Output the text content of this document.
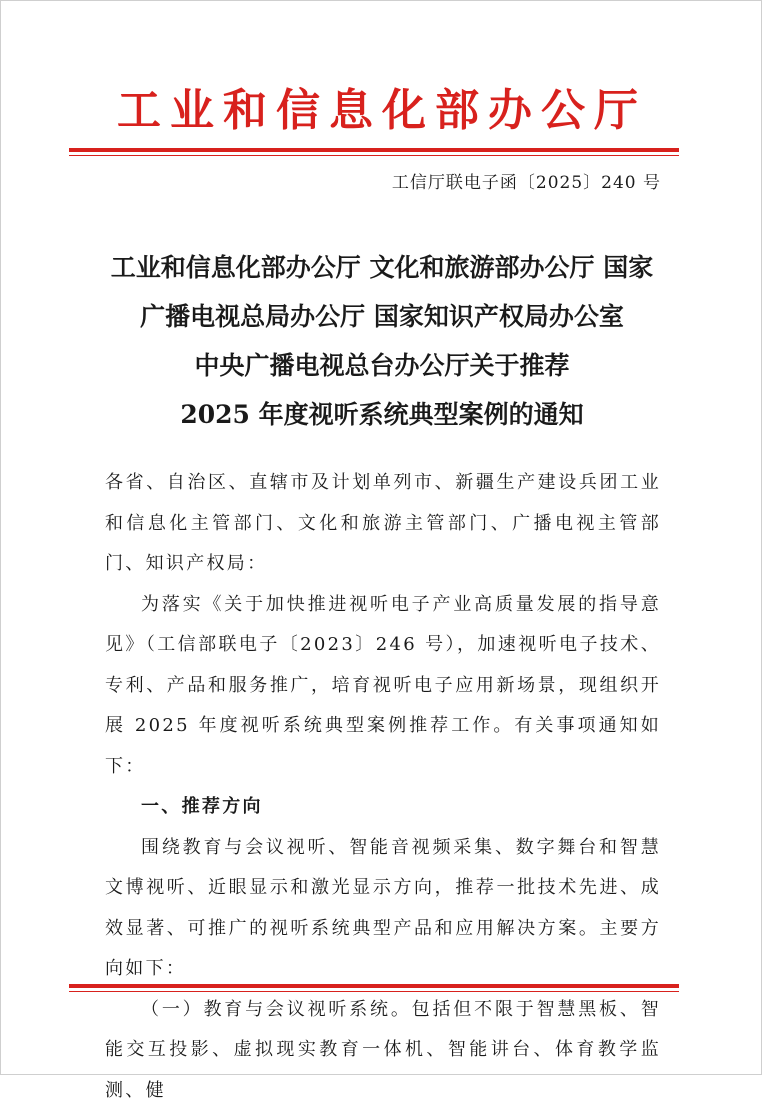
工业和信息化部办公厅
工信厅联电子函〔2025〕240 号
工业和信息化部办公厅 文化和旅游部办公厅 国家
广播电视总局办公厅 国家知识产权局办公室
中央广播电视总台办公厅关于推荐
2025 年度视听系统典型案例的通知

各省、自治区、直辖市及计划单列市、新疆生产建设兵团工业和信息化主管部门、文化和旅游主管部门、广播电视主管部门、知识产权局：

为落实《关于加快推进视听电子产业高质量发展的指导意见》（工信部联电子〔2023〕246 号），加速视听电子技术、专利、产品和服务推广，培育视听电子应用新场景，现组织开展 2025 年度视听系统典型案例推荐工作。有关事项通知如下：

一、推荐方向

围绕教育与会议视听、智能音视频采集、数字舞台和智慧文博视听、近眼显示和激光显示方向，推荐一批技术先进、成效显著、可推广的视听系统典型产品和应用解决方案。主要方向如下：

（一）教育与会议视听系统。包括但不限于智慧黑板、智能交互投影、虚拟现实教育一体机、智能讲台、体育教学监测、健
